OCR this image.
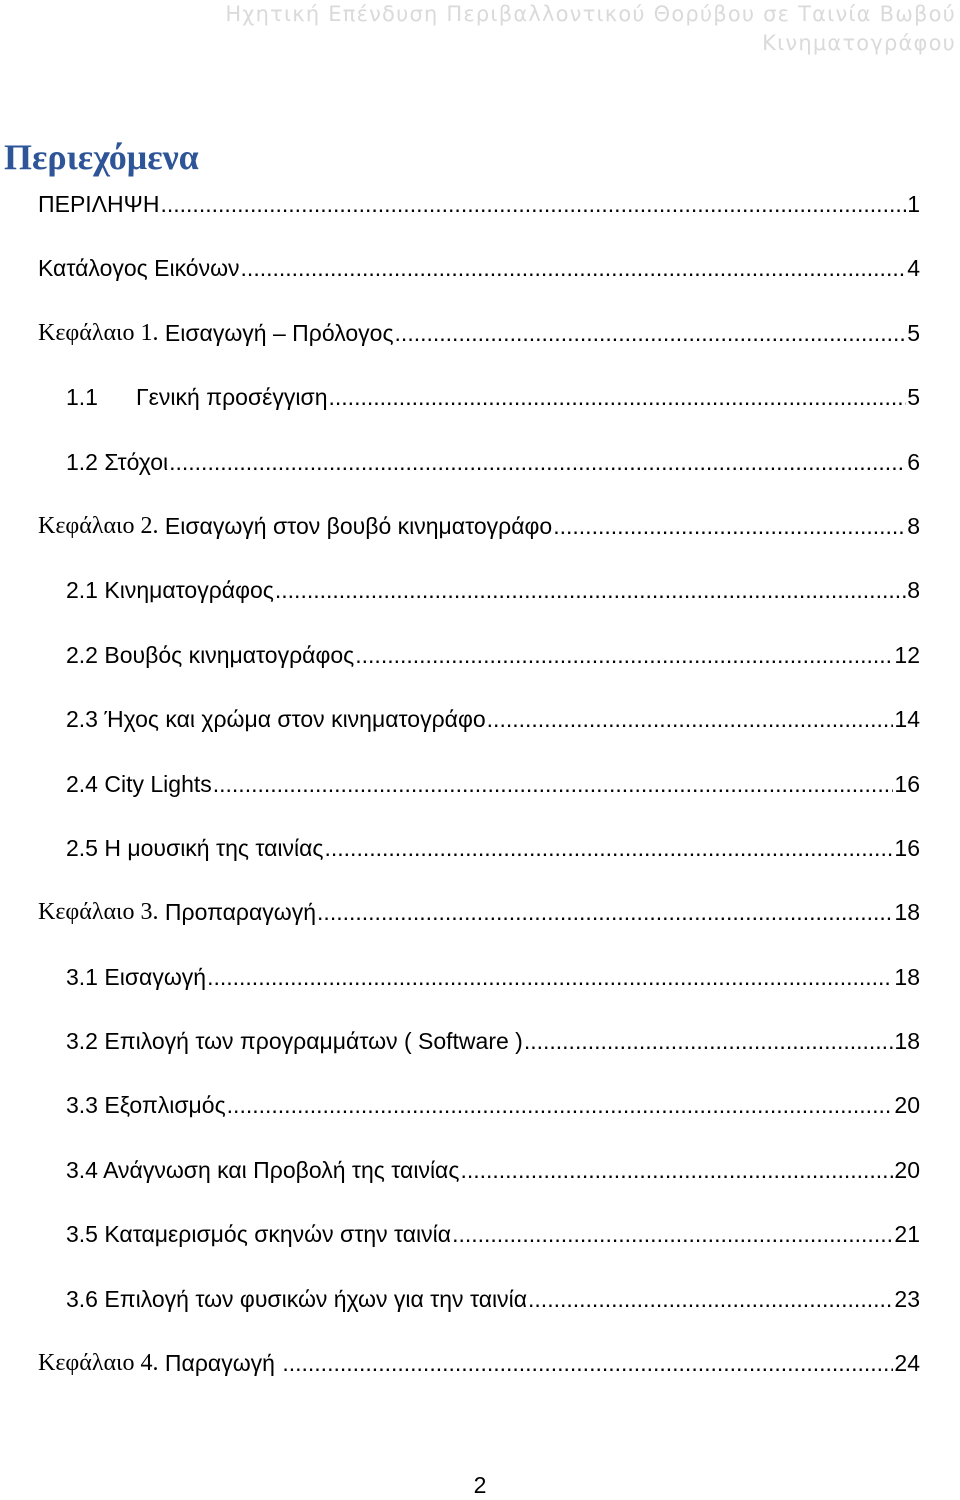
Ηχητική Επένδυση Περιβαλλοντικού Θορύβου σε Ταινία Βωβού
Κινηματογράφου
Περιεχόμενα
ΠΕΡΙΛΗΨΗ .....	1
Κατάλογος Εικόνων .....	4
Κεφάλαιο 1. Εισαγωγή – Πρόλογος .....	5
1.1	Γενική προσέγγιση .....	5
1.2 Στόχοι .....	6
Κεφάλαιο 2. Εισαγωγή στον βουβό κινηματογράφο .....	8
2.1 Κινηματογράφος .....	8
2.2 Βουβός κινηματογράφος .....	12
2.3 Ήχος και χρώμα στον κινηματογράφο .....	14
2.4 City Lights .....	16
2.5 Η μουσική της ταινίας .....	16
Κεφάλαιο 3. Προπαραγωγή .....	18
3.1 Εισαγωγή .....	18
3.2 Επιλογή των προγραμμάτων ( Software ) .....	18
3.3 Εξοπλισμός .....	20
3.4 Ανάγνωση και Προβολή της ταινίας .....	20
3.5 Καταμερισμός σκηνών στην ταινία .....	21
3.6 Επιλογή των φυσικών ήχων για την ταινία .....	23
Κεφάλαιο 4. Παραγωγή .....	24
2
